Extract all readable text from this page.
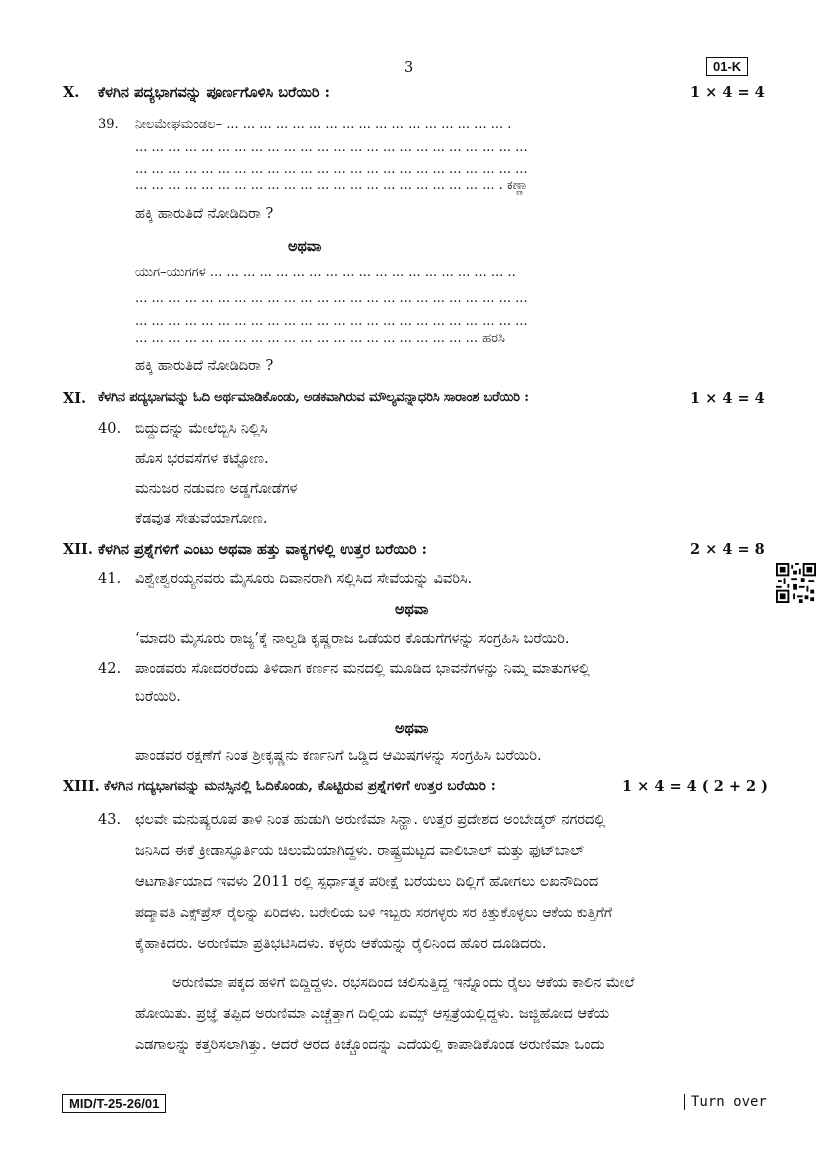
3	01-K
X. ಕೆಳಗಿನ ಪದ್ಯಭಾಗವನ್ನು ಪೂರ್ಣಗೊಳಿಸಿ ಬರೆಯಿರಿ :	1 × 4 = 4
39. ನೀಲಮೇಘಮಂಡಲ– ... ... ... ... ... ... ... ... ... ... ... ... ... ... ... ... ... .
... ... ... ... ... ... ... ... ... ... ... ... ... ... ... ... ... ... ... ... ... ... ... ...
... ... ... ... ... ... ... ... ... ... ... ... ... ... ... ... ... ... ... ... ... ... ... ...
... ... ... ... ... ... ... ... ... ... ... ... ... ... ... ... ... ... ... ... ... ... . ಕಣ್ಣಾ
ಹಕ್ಕಿ ಹಾರುತಿದೆ ನೋಡಿದಿರಾ ?
ಅಥವಾ
ಯುಗ–ಯುಗಗಳ ... ... ... ... ... ... ... ... ... ... ... ... ... ... ... ... ... ... ..
... ... ... ... ... ... ... ... ... ... ... ... ... ... ... ... ... ... ... ... ... ... ... ...
... ... ... ... ... ... ... ... ... ... ... ... ... ... ... ... ... ... ... ... ... ... ... ...
... ... ... ... ... ... ... ... ... ... ... ... ... ... ... ... ... ... ... ... ... ಹರಸಿ
ಹಕ್ಕಿ ಹಾರುತಿದೆ ನೋಡಿದಿರಾ ?
XI. ಕೆಳಗಿನ ಪದ್ಯಭಾಗವನ್ನು ಓದಿ ಅರ್ಥಮಾಡಿಕೊಂಡು, ಅಡಕವಾಗಿರುವ ಮೌಲ್ಯವನ್ನಾಧರಿಸಿ ಸಾರಾಂಶ ಬರೆಯಿರಿ :	1 × 4 = 4
40. ಬಿದ್ದುದನ್ನು ಮೇಲೆಬ್ಬಿಸಿ ನಿಲ್ಲಿಸಿ
ಹೊಸ ಭರವಸೆಗಳ ಕಟ್ಟೋಣ.
ಮನುಜರ ನಡುವಣ ಅಡ್ಡಗೋಡೆಗಳ
ಕೆಡವುತ ಸೇತುವೆಯಾಗೋಣ.
XII. ಕೆಳಗಿನ ಪ್ರಶ್ನೆಗಳಿಗೆ ಎಂಟು ಅಥವಾ ಹತ್ತು ವಾಕ್ಯಗಳಲ್ಲಿ ಉತ್ತರ ಬರೆಯಿರಿ :	2 × 4 = 8
41. ವಿಶ್ವೇಶ್ವರಯ್ಯನವರು ಮೈಸೂರು ದಿವಾನರಾಗಿ ಸಲ್ಲಿಸಿದ ಸೇವೆಯನ್ನು ವಿವರಿಸಿ.
ಅಥವಾ
‘ಮಾದರಿ ಮೈಸೂರು ರಾಜ್ಯ’ಕ್ಕೆ ನಾಲ್ವಡಿ ಕೃಷ್ಣರಾಜ ಒಡೆಯರ ಕೊಡುಗೆಗಳನ್ನು ಸಂಗ್ರಹಿಸಿ ಬರೆಯಿರಿ.
42. ಪಾಂಡವರು ಸೋದರರೆಂದು ತಿಳಿದಾಗ ಕರ್ಣನ ಮನದಲ್ಲಿ ಮೂಡಿದ ಭಾವನೆಗಳನ್ನು ನಿಮ್ಮ ಮಾತುಗಳಲ್ಲಿ
ಬರೆಯಿರಿ.
ಅಥವಾ
ಪಾಂಡವರ ರಕ್ಷಣೆಗೆ ನಿಂತ ಶ್ರೀಕೃಷ್ಣನು ಕರ್ಣನಿಗೆ ಒಡ್ಡಿದ ಆಮಿಷಗಳನ್ನು ಸಂಗ್ರಹಿಸಿ ಬರೆಯಿರಿ.
XIII. ಕೆಳಗಿನ ಗದ್ಯಭಾಗವನ್ನು ಮನಸ್ಸಿನಲ್ಲಿ ಓದಿಕೊಂಡು, ಕೊಟ್ಟಿರುವ ಪ್ರಶ್ನೆಗಳಿಗೆ ಉತ್ತರ ಬರೆಯಿರಿ :	1 × 4 = 4 ( 2 + 2 )
43. ಛಲವೇ ಮನುಷ್ಯರೂಪ ತಾಳಿ ನಿಂತ ಹುಡುಗಿ ಅರುಣಿಮಾ ಸಿನ್ಹಾ. ಉತ್ತರ ಪ್ರದೇಶದ ಅಂಬೇಡ್ಕರ್ ನಗರದಲ್ಲಿ
ಜನಿಸಿದ ಈಕೆ ಕ್ರೀಡಾಸ್ಫೂರ್ತಿಯ ಚಿಲುಮೆಯಾಗಿದ್ದಳು. ರಾಷ್ಟ್ರಮಟ್ಟದ ವಾಲಿಬಾಲ್ ಮತ್ತು ಫುಟ್‌ಬಾಲ್
ಆಟಗಾರ್ತಿಯಾದ ಇವಳು 2011 ರಲ್ಲಿ ಸ್ಪರ್ಧಾತ್ಮಕ ಪರೀಕ್ಷೆ ಬರೆಯಲು ದಿಲ್ಲಿಗೆ ಹೋಗಲು ಲಖನೌದಿಂದ
ಪದ್ಮಾವತಿ ಎಕ್ಸ್‌ಪ್ರೆಸ್ ರೈಲನ್ನು ಏರಿದಳು. ಬರೇಲಿಯ ಬಳಿ ಇಬ್ಬರು ಸರಗಳ್ಳರು ಸರ ಕಿತ್ತುಕೊಳ್ಳಲು ಆಕೆಯ ಕುತ್ತಿಗೆಗೆ
ಕೈಹಾಕಿದರು. ಅರುಣಿಮಾ ಪ್ರತಿಭಟಿಸಿದಳು. ಕಳ್ಳರು ಆಕೆಯನ್ನು ರೈಲಿನಿಂದ ಹೊರ ದೂಡಿದರು.
ಅರುಣಿಮಾ ಪಕ್ಕದ ಹಳಿಗೆ ಬಿದ್ದಿದ್ದಳು. ರಭಸದಿಂದ ಚಲಿಸುತ್ತಿದ್ದ ಇನ್ನೊಂದು ರೈಲು ಆಕೆಯ ಕಾಲಿನ ಮೇಲೆ
ಹೋಯಿತು. ಪ್ರಜ್ಞೆ ತಪ್ಪಿದ ಅರುಣಿಮಾ ಎಚ್ಚೆತ್ತಾಗ ದಿಲ್ಲಿಯ ಏಮ್ಸ್ ಆಸ್ಪತ್ರೆಯಲ್ಲಿದ್ದಳು. ಜಜ್ಜಿಹೋದ ಆಕೆಯ
ಎಡಗಾಲನ್ನು ಕತ್ತರಿಸಲಾಗಿತ್ತು. ಆದರೆ ಆರದ ಕಿಚ್ಚೊಂದನ್ನು ಎದೆಯಲ್ಲಿ ಕಾಪಾಡಿಕೊಂಡ ಅರುಣಿಮಾ ಒಂದು
MID/T-25-26/01	Turn over
